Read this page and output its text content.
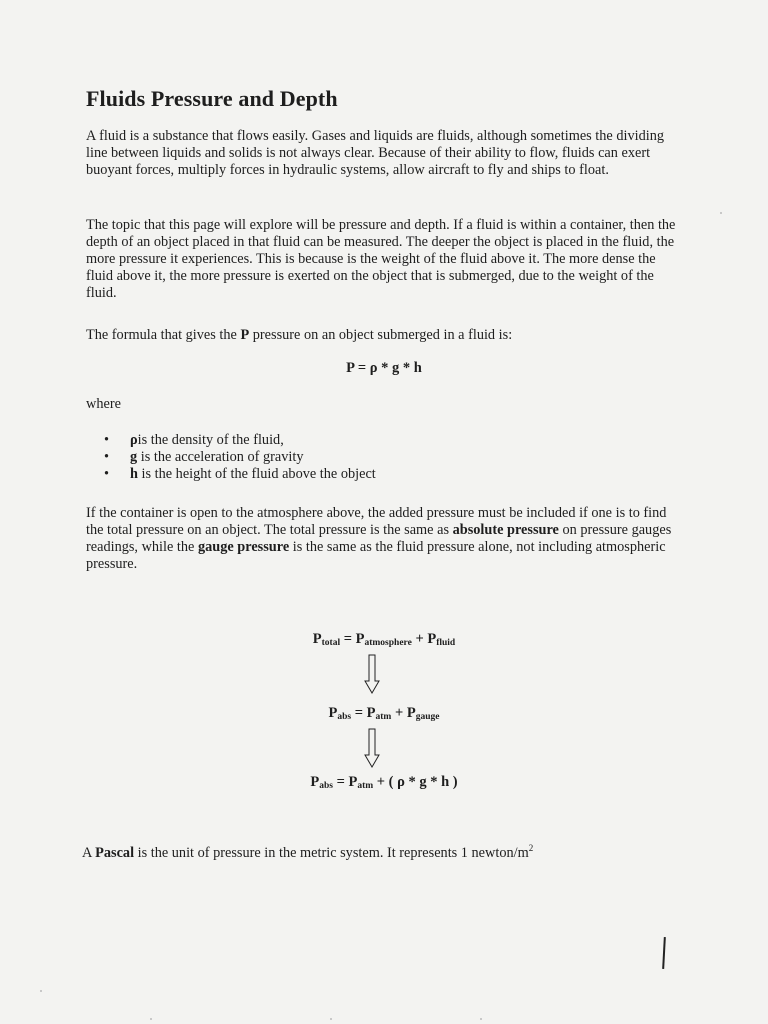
Fluids Pressure and Depth

A fluid is a substance that flows easily. Gases and liquids are fluids, although sometimes the dividing line between liquids and solids is not always clear. Because of their ability to flow, fluids can exert buoyant forces, multiply forces in hydraulic systems, allow aircraft to fly and ships to float.

The topic that this page will explore will be pressure and depth. If a fluid is within a container, then the depth of an object placed in that fluid can be measured. The deeper the object is placed in the fluid, the more pressure it experiences. This is because is the weight of the fluid above it. The more dense the fluid above it, the more pressure is exerted on the object that is submerged, due to the weight of the fluid.

The formula that gives the P pressure on an object submerged in a fluid is:

P = ρ * g * h
where
• ρis the density of the fluid,
• g is the acceleration of gravity
• h is the height of the fluid above the object

If the container is open to the atmosphere above, the added pressure must be included if one is to find the total pressure on an object. The total pressure is the same as absolute pressure on pressure gauges readings, while the gauge pressure is the same as the fluid pressure alone, not including atmospheric pressure.

$P_{total} = P_{atmosphere} + P_{fluid}$
$P_{abs} = P_{atm} + P_{gauge}$
$P_{abs} = P_{atm}$ + ( ρ * g * h )
A Pascal is the unit of pressure in the metric system. It represents 1 newton/$m^2$
